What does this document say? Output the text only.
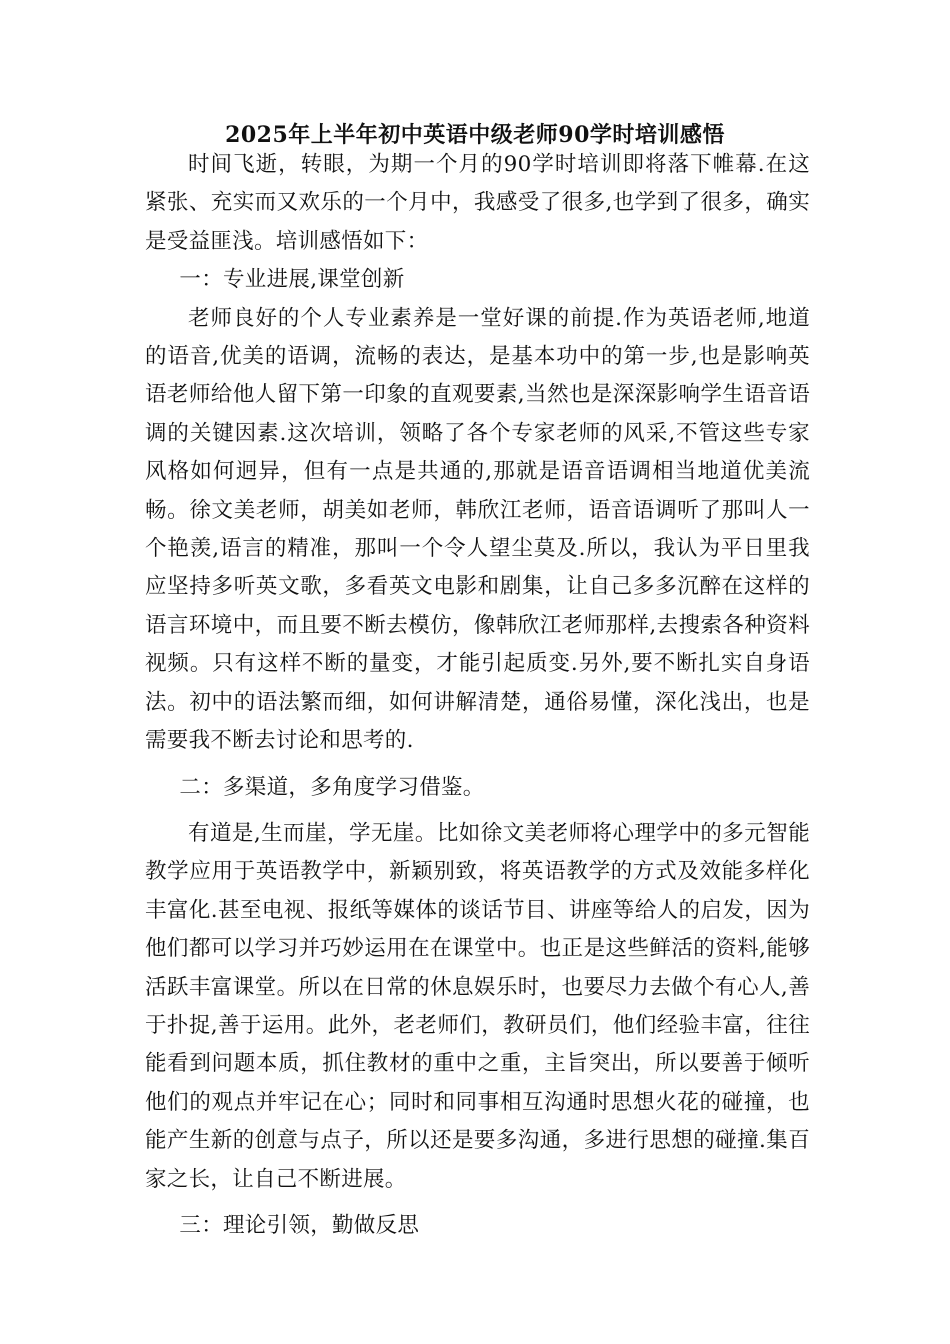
2025年上半年初中英语中级老师90学时培训感悟

时间飞逝，转眼，为期一个月的90学时培训即将落下帷幕.在这紧张、充实而又欢乐的一个月中，我感受了很多,也学到了很多，确实是受益匪浅。培训感悟如下：

一：专业进展,课堂创新

老师良好的个人专业素养是一堂好课的前提.作为英语老师,地道的语音,优美的语调，流畅的表达，是基本功中的第一步,也是影响英语老师给他人留下第一印象的直观要素,当然也是深深影响学生语音语调的关键因素.这次培训，领略了各个专家老师的风采,不管这些专家风格如何迥异，但有一点是共通的,那就是语音语调相当地道优美流畅。徐文美老师，胡美如老师，韩欣江老师，语音语调听了那叫人一个艳羡,语言的精准，那叫一个令人望尘莫及.所以，我认为平日里我应坚持多听英文歌，多看英文电影和剧集，让自己多多沉醉在这样的语言环境中，而且要不断去模仿，像韩欣江老师那样,去搜索各种资料视频。只有这样不断的量变，才能引起质变.另外,要不断扎实自身语法。初中的语法繁而细，如何讲解清楚，通俗易懂，深化浅出，也是需要我不断去讨论和思考的.

二：多渠道，多角度学习借鉴。

有道是,生而崖，学无崖。比如徐文美老师将心理学中的多元智能教学应用于英语教学中，新颖别致，将英语教学的方式及效能多样化丰富化.甚至电视、报纸等媒体的谈话节目、讲座等给人的启发，因为他们都可以学习并巧妙运用在在课堂中。也正是这些鲜活的资料,能够活跃丰富课堂。所以在日常的休息娱乐时，也要尽力去做个有心人,善于扑捉,善于运用。此外，老老师们，教研员们，他们经验丰富，往往能看到问题本质，抓住教材的重中之重，主旨突出，所以要善于倾听他们的观点并牢记在心；同时和同事相互沟通时思想火花的碰撞，也能产生新的创意与点子，所以还是要多沟通，多进行思想的碰撞.集百家之长，让自己不断进展。

三：理论引领，勤做反思
